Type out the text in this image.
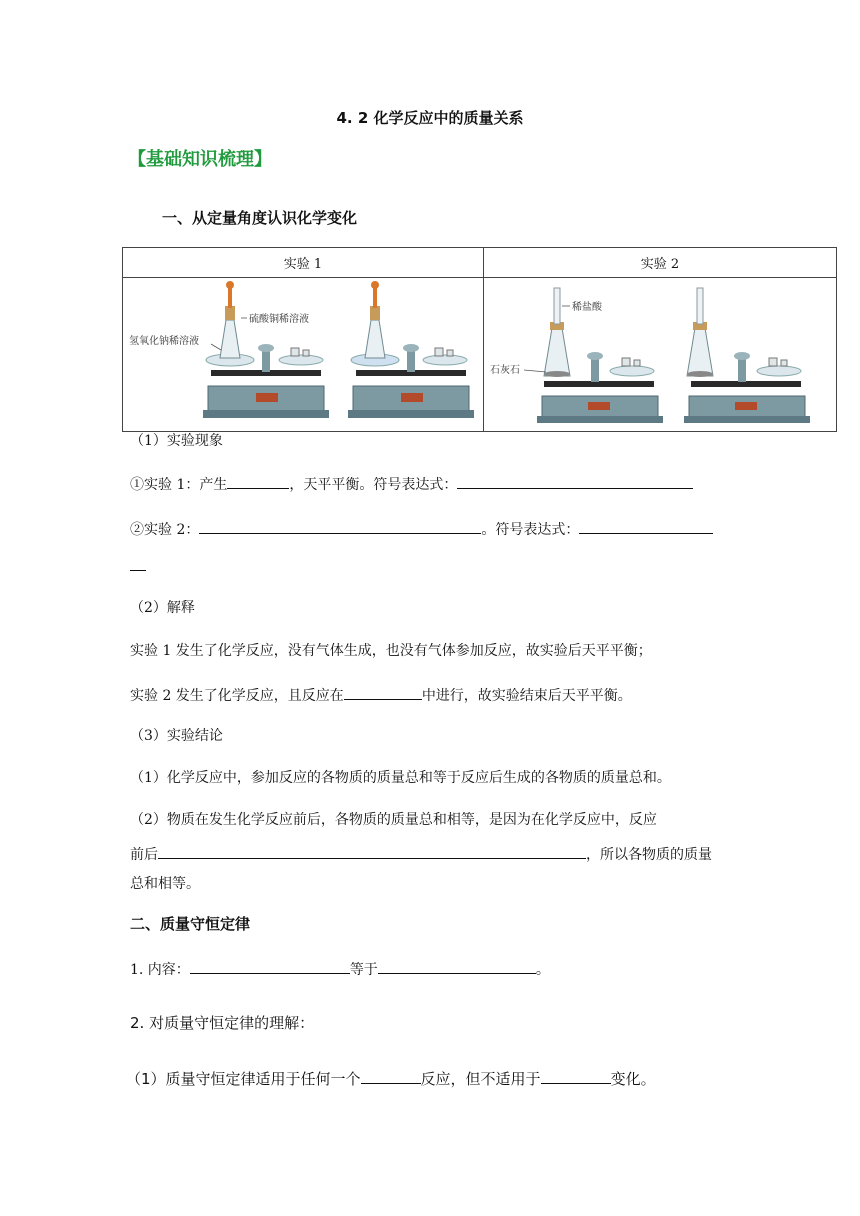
4. 2 化学反应中的质量关系
【基础知识梳理】
一、从定量角度认识化学变化
实验 1	实验 2

硫酸铜稀溶液
氢氧化钠稀溶液	稀盐酸
石灰石
（1）实验现象
①实验 1：产生	，天平平衡。符号表达式：
②实验 2：	。符号表达式：
（2）解释
实验 1 发生了化学反应，没有气体生成，也没有气体参加反应，故实验后天平平衡；
实验 2 发生了化学反应，且反应在	中进行，故实验结束后天平平衡。
（3）实验结论
（1）化学反应中，参加反应的各物质的质量总和等于反应后生成的各物质的质量总和。
（2）物质在发生化学反应前后，各物质的质量总和相等，是因为在化学反应中，反应
前后	，所以各物质的质量
总和相等。
二、质量守恒定律
1. 内容：	等于	。
2. 对质量守恒定律的理解：
（1）质量守恒定律适用于任何一个	反应，但不适用于	变化。
